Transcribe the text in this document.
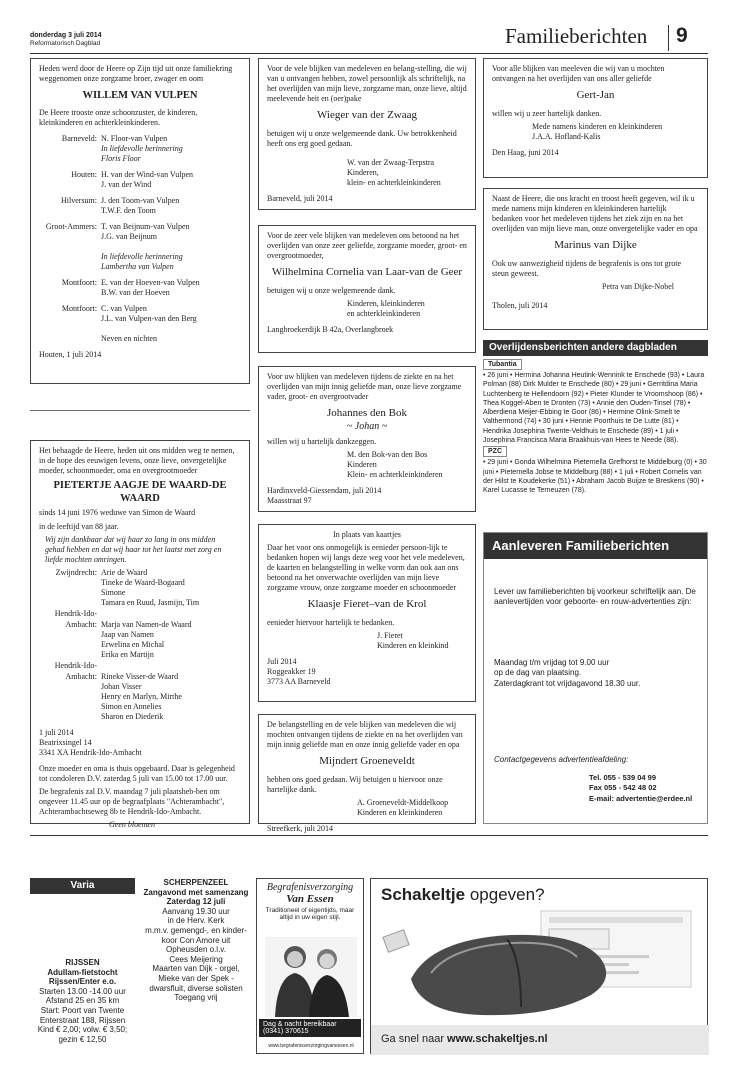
donderdag 3 juli 2014
Reformatorisch Dagblad	Familieberichten 9

Heden werd door de Heere op Zijn tijd uit onze familiekring weggenomen onze zorgzame broer, zwager en oom

WILLEM VAN VULPEN

De Heere trooste onze schoonzuster, de kinderen, kleinkinderen en achterkleinkinderen.

Barneveld: N. Floor-van Vulpen
In liefdevolle herinnering
Floris Floor
Houten: H. van der Wind-van Vulpen
J. van der Wind
Hilversum: J. den Toom-van Vulpen
T.W.F. den Toom
Groot-Ammers: T. van Beijnum-van Vulpen
J.G. van Beijnum

In liefdevolle herinnering
Lambertha van Vulpen
Montfoort: E. van der Hoeven-van Vulpen
B.W. van der Hoeven
Montfoort: C. van Vulpen
J.L. van Vulpen-van den Berg

Neven en nichten

Houten, 1 juli 2014

Het behaagde de Heere, heden uit ons midden weg te nemen, in de hope des eeuwigen levens, onze lieve, onvergetelijke moeder, schoonmoeder, oma en overgrootmoeder

PIETERTJE AAGJE DE WAARD-DE WAARD

sinds 14 juni 1976 weduwe van Simon de Waard

in de leeftijd van 88 jaar.

Wij zijn dankbaar dat wij haar zo lang in ons midden gehad hebben en dat wij haar tot het laatst met zorg en liefde mochten omringen.

Zwijndrecht: Arie de Waard
Tineke de Waard-Bogaard
Simone
Tamara en Ruud, Jasmijn, Tim
Hendrik-Ido-
Ambacht: Marja van Namen-de Waard
Jaap van Namen
Erwelina en Michal
Erika en Martijn
Hendrik-Ido-
Ambacht: Rineke Visser-de Waard
Johan Visser
Henry en Marlyn, Mirthe
Simon en Annelies
Sharon en Diederik
1 juli 2014
Beatrixsingel 14
3341 XA Hendrik-Ido-Ambacht

Onze moeder en oma is thuis opgebaard. Daar is gelegenheid tot condoleren D.V. zaterdag 5 juli van 15.00 tot 17.00 uur.

De begrafenis zal D.V. maandag 7 juli plaatsheb-ben om ongeveer 11.45 uur op de begraafplaats "Achterambacht", Achterambachtseweg 8b te Hendrik-Ido-Ambacht.

Geen bloemen

Voor de vele blijken van medeleven en belang-stelling, die wij van u ontvangen hebben, zowel persoonlijk als schriftelijk, na het overlijden van mijn lieve, zorgzame man, onze lieve, altijd meelevende heit en (oer)pake

Wieger van der Zwaag

betuigen wij u onze welgemeende dank. Uw betrokkenheid heeft ons erg goed gedaan.

W. van der Zwaag-Terpstra
Kinderen,
klein- en achterkleinkinderen

Barneveld, juli 2014

Voor de zeer vele blijken van medeleven ons betoond na het overlijden van onze zeer geliefde, zorgzame moeder, groot- en overgrootmoeder,

Wilhelmina Cornelia van Laar-van de Geer

betuigen wij u onze welgemeende dank.

Kinderen, kleinkinderen
en achterkleinkinderen

Langbroekerdijk B 42a, Overlangbroek

Voor uw blijken van medeleven tijdens de ziekte en na het overlijden van mijn innig geliefde man, onze lieve zorgzame vader, groot- en overgrootvader

Johannes den Bok
~ Johan ~

willen wij u hartelijk dankzeggen.

M. den Bok-van den Bos
Kinderen
Klein- en achterkleinkinderen
Hardinxveld-Giessendam, juli 2014
Maasstraat 97

In plaats van kaartjes

Daar het voor ons onmogelijk is eenieder persoon-lijk te bedanken hopen wij langs deze weg voor het vele medeleven, de kaarten en belangstelling in welke vorm dan ook aan ons betoond na het onverwachte overlijden van mijn lieve zorgzame vrouw, onze zorgzame moeder en schoonmoeder

Klaasje Fieret–van de Krol

eenieder hiervoor hartelijk te bedanken.

J. Fieret
Kinderen en kleinkind
Juli 2014
Roggeakker 19
3773 AA Barneveld

De belangstelling en de vele blijken van medeleven die wij mochten ontvangen tijdens de ziekte en na het overlijden van mijn innig geliefde man en onze innig geliefde vader en opa

Mijndert Groeneveldt

hebben ons goed gedaan. Wij betuigen u hiervoor onze hartelijke dank.

A. Groeneveldt-Middelkoop
Kinderen en kleinkinderen

Streefkerk, juli 2014

Voor alle blijken van meeleven die wij van u mochten ontvangen na het overlijden van ons aller geliefde

Gert-Jan

willen wij u zeer hartelijk danken.

Mede namens kinderen en kleinkinderen
J.A.A. Hofland-Kalis

Den Haag, juni 2014

Naast de Heere, die ons kracht en troost heeft gegeven, wil ik u mede namens mijn kinderen en kleinkinderen hartelijk bedanken voor het medeleven tijdens het ziek zijn en na het overlijden van mijn lieve man, onze onvergetelijke vader en opa

Marinus van Dijke

Ook uw aanwezigheid tijdens de begrafenis is ons tot grote steun geweest.

Petra van Dijke-Nobel

Tholen, juli 2014

Overlijdensberichten andere dagbladen
Tubantia
• 26 juni • Hermina Johanna Heutink-Wennink te Enschede (93) • Laura Polman (88) Dirk Mulder te Enschede (80) • 29 juni • Gerritdina Maria Luchtenberg te Hellendoorn (92) • Pieter Klunder te Vroomshoop (86) • Thea Koggel-Aben te Dronten (73) • Annie den Ouden-Tinsel (78) • Alberdiena Meijer-Ebbing te Goor (86) • Hermine Olink-Smelt te Valthermond (74) • 30 juni • Hennie Poorthuis te De Lutte (81) • Hendrika Josephina Twente-Veldhuis te Enschede (89) • 1 juli • Josephina Francisca Maria Braakhuis-van Hees te Neede (88).
PZC
• 29 juni • Gonda Wilhelmina Pieternella Grefhorst te Middelburg (0) • 30 juni • Pieternella Jobse te Middelburg (88) • 1 juli • Robert Cornelis van der Hilst te Koudekerke (51) • Abraham Jacob Buijze te Breskens (90) • Karel Lucasse te Terneuzen (78).
Aanleveren Familieberichten

Lever uw familieberichten bij voorkeur schriftelijk aan. De aanlevertijden voor geboorte- en rouw-advertenties zijn:

Maandag t/m vrijdag tot 9.00 uur
op de dag van plaatsing.
Zaterdagkrant tot vrijdagavond 18.30 uur.

Contactgegevens advertentieafdeling:

Tel. 055 - 539 04 99
Fax 055 - 542 48 02
E-mail: advertentie@erdee.nl
Varia
RIJSSEN
Adullam-fietstocht
Rijssen/Enter e.o.
Starten 13.00 -14.00 uur
Afstand 25 en 35 km
Start: Poort van Twente
Enterstraat 188, Rijssen
Kind € 2,00; volw. € 3,50;
gezin € 12,50
SCHERPENZEEL
Zangavond met samenzang
Zaterdag 12 juli
Aanvang 19.30 uur
in de Herv. Kerk
m.m.v. gemengd-, en kinder-
koor Con Amore uit
Opheusden o.l.v.
Cees Meijering
Maarten van Dijk - orgel,
Mieke van der Spek -
dwarsfluit, diverse solisten
Toegang vrij
Begrafenisverzorging
Van Essen
Traditioneel of eigentijds, maar altijd in uw eigen stijl.
Dag & nacht bereikbaar
(0341) 370615
www.begrafenisverzorgingvanessen.nl
Schakeltje opgeven?
Ga snel naar www.schakeltjes.nl
